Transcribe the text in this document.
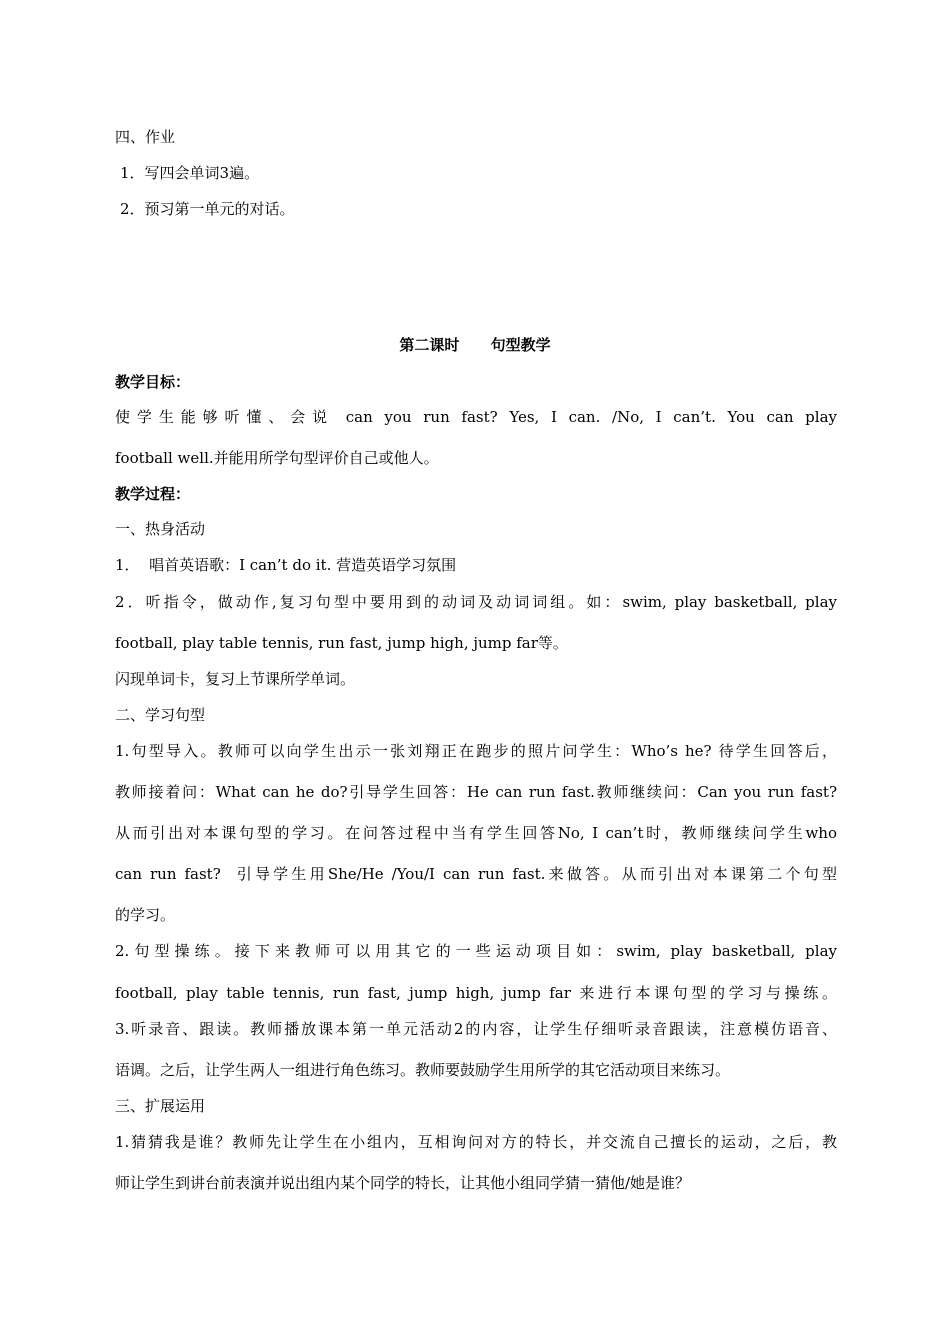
四、作业
1．写四会单词3遍。
2．预习第一单元的对话。
第二课时      句型教学
教学目标：
使学生能够听懂、会说 can you run fast? Yes, I can. /No, I can’t. You can play
football well.并能用所学句型评价自己或他人。
教学过程：
一、热身活动
1．  唱首英语歌：I can’t do it. 营造英语学习氛围
2．听指令，做动作,复习句型中要用到的动词及动词词组。如：swim, play basketball, play
football, play table tennis, run fast, jump high, jump far等。
闪现单词卡，复习上节课所学单词。
二、学习句型
1.句型导入。教师可以向学生出示一张刘翔正在跑步的照片问学生：Who’s he? 待学生回答后，
教师接着问：What can he do?引导学生回答：He can run fast.教师继续问：Can you run fast?
从而引出对本课句型的学习。在问答过程中当有学生回答No, I can’t时，教师继续问学生who
can run fast?  引导学生用She/He /You/I can run fast.来做答。从而引出对本课第二个句型
的学习。
2.句型操练。接下来教师可以用其它的一些运动项目如：swim, play basketball, play
football, play table tennis, run fast, jump high, jump far 来进行本课句型的学习与操练。
3.听录音、跟读。教师播放课本第一单元活动2的内容，让学生仔细听录音跟读，注意模仿语音、
语调。之后，让学生两人一组进行角色练习。教师要鼓励学生用所学的其它活动项目来练习。
三、扩展运用
1.猜猜我是谁？教师先让学生在小组内，互相询问对方的特长，并交流自己擅长的运动，之后，教
师让学生到讲台前表演并说出组内某个同学的特长，让其他小组同学猜一猜他/她是谁？
